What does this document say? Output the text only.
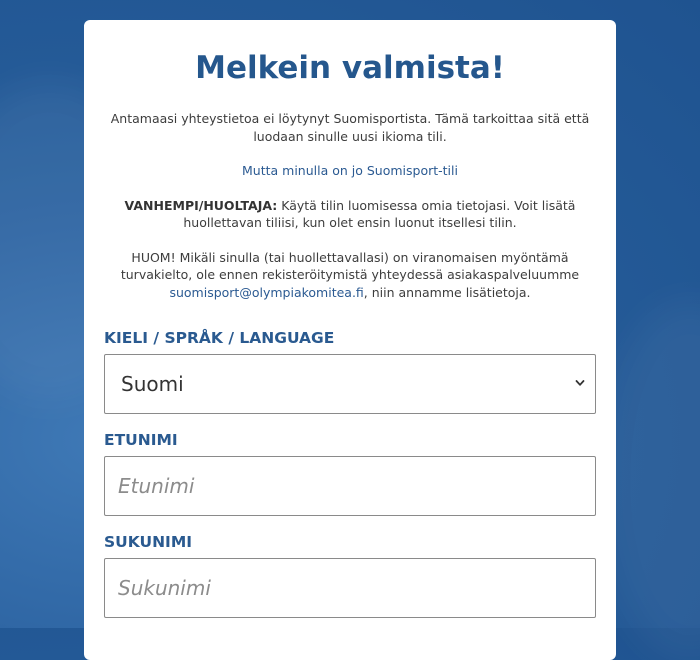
Melkein valmista!

Antamaasi yhteystietoa ei löytynyt Suomisportista. Tämä tarkoittaa sitä että luodaan sinulle uusi ikioma tili.

Mutta minulla on jo Suomisport-tili

VANHEMPI/HUOLTAJA: Käytä tilin luomisessa omia tietojasi. Voit lisätä huollettavan tiliisi, kun olet ensin luonut itsellesi tilin.

HUOM! Mikäli sinulla (tai huollettavallasi) on viranomaisen myöntämä turvakielto, ole ennen rekisteröitymistä yhteydessä asiakaspalveluumme suomisport@olympiakomitea.fi, niin annamme lisätietoja.

KIELI / SPRÅK / LANGUAGE
Suomi
ETUNIMI
Etunimi
SUKUNIMI
Sukunimi
